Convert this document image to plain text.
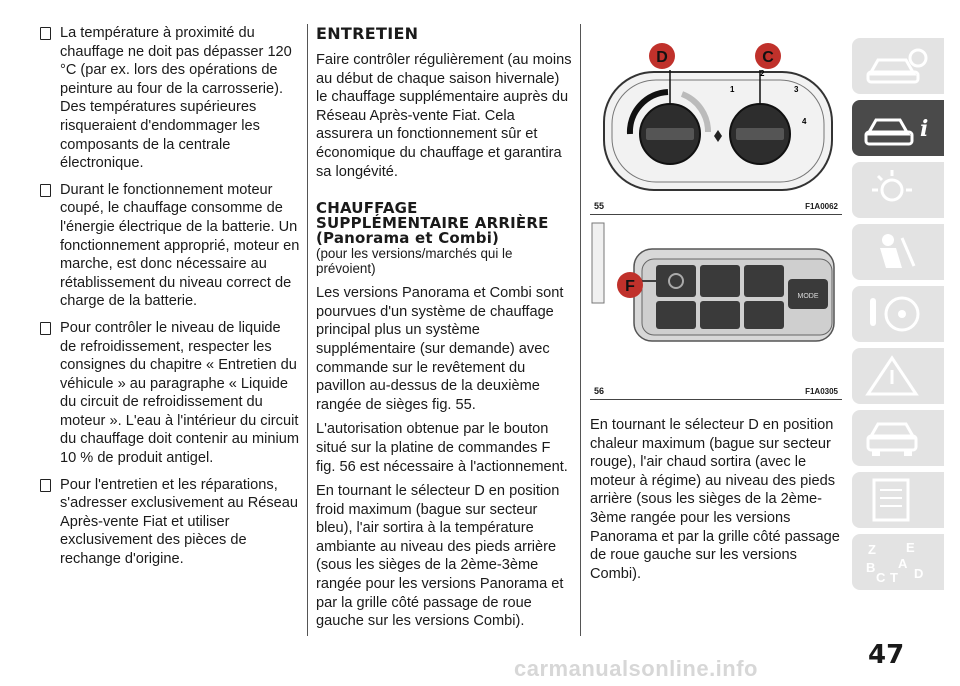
La température à proximité du chauffage ne doit pas dépasser 120 °C (par ex. lors des opérations de peinture au four de la carrosserie). Des températures supérieures risqueraient d'endommager les composants de la centrale électronique.
Durant le fonctionnement moteur coupé, le chauffage consomme de l'énergie électrique de la batterie. Un fonctionnement approprié, moteur en marche, est donc nécessaire au rétablissement du niveau correct de charge de la batterie.
Pour contrôler le niveau de liquide de refroidissement, respecter les consignes du chapitre « Entretien du véhicule » au paragraphe « Liquide du circuit de refroidissement du moteur ». L'eau à l'intérieur du circuit du chauffage doit contenir au minium 10 % de produit antigel.
Pour l'entretien et les réparations, s'adresser exclusivement au Réseau Après-vente Fiat et utiliser exclusivement des pièces de rechange d'origine.
ENTRETIEN

Faire contrôler régulièrement (au moins au début de chaque saison hivernale) le chauffage supplémentaire auprès du Réseau Après-vente Fiat. Cela assurera un fonctionnement sûr et économique du chauffage et garantira sa longévité.

CHAUFFAGE SUPPLÉMENTAIRE ARRIÈRE (Panorama et Combi)
(pour les versions/marchés qui le prévoient)

Les versions Panorama et Combi sont pourvues d'un système de chauffage principal plus un système supplémentaire (sur demande) avec commande sur le revêtement du pavillon au-dessus de la deuxième rangée de sièges fig. 55.

L'autorisation obtenue par le bouton situé sur la platine de commandes F fig. 56 est nécessaire à l'actionnement.

En tournant le sélecteur D en position froid maximum (bague sur secteur bleu), l'air sortira à la température ambiante au niveau des pieds arrière (sous les sièges de la 2ème-3ème rangée pour les versions Panorama et par la grille côté passage de roue gauche sur les versions Combi).

1
2
3
4
D	C
55	F1A0062
MODE
F
56	F1A0305

En tournant le sélecteur D en position chaleur maximum (bague sur secteur rouge), l'air chaud sortira (avec le moteur à régime) au niveau des pieds arrière (sous les sièges de la 2ème-3ème rangée pour les versions Panorama et par la grille côté passage de roue gauche sur les versions Combi).

i
Z E
A
B
C T D
47
carmanualsonline.info
